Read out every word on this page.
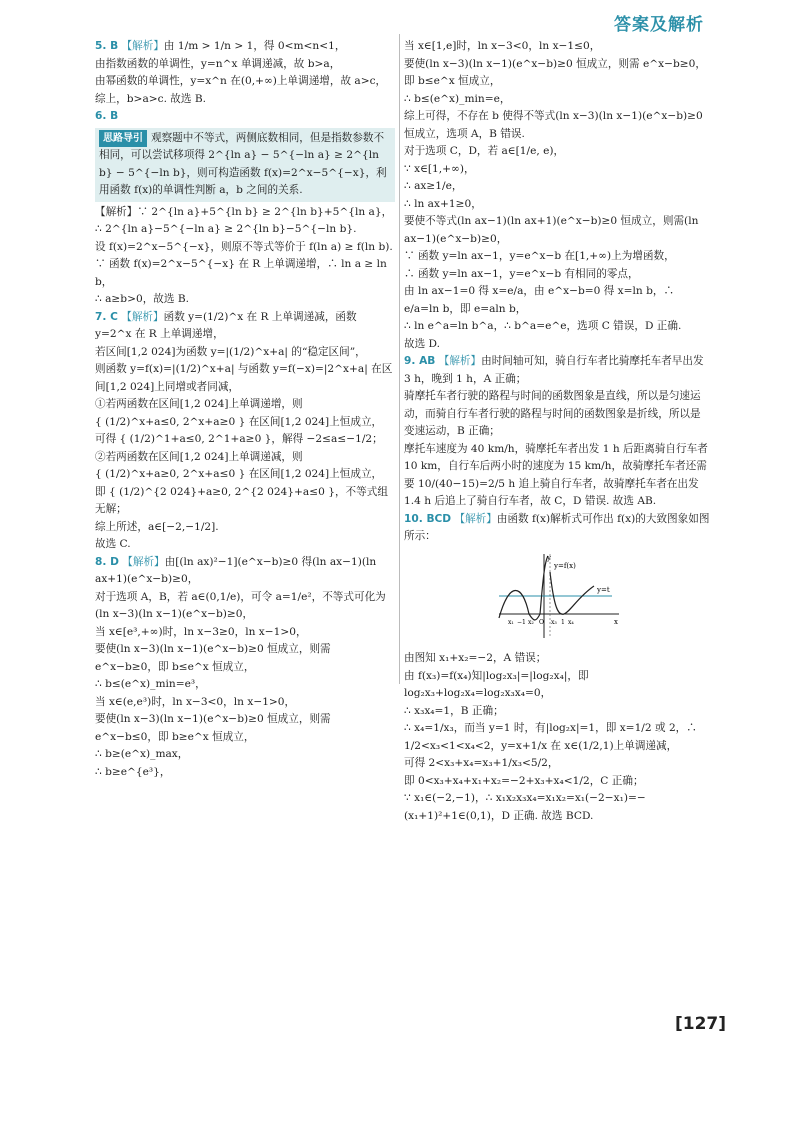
答案及解析

5. B 【解析】由 1/m > 1/n > 1，得 0<m<n<1，

由指数函数的单调性，y=n^x 单调递减，故 b>a，

由幂函数的单调性，y=x^n 在(0,+∞)上单调递增，故 a>c，

综上，b>a>c. 故选 B.

6. B

思路导引 观察题中不等式，两侧底数相同，但是指数参数不相同，可以尝试移项得 2^{ln a} − 5^{−ln a} ≥ 2^{ln b} − 5^{−ln b}，则可构造函数 f(x)=2^x−5^{−x}，利用函数 f(x)的单调性判断 a，b 之间的关系.

【解析】∵ 2^{ln a}+5^{ln b} ≥ 2^{ln b}+5^{ln a}，

∴ 2^{ln a}−5^{−ln a} ≥ 2^{ln b}−5^{−ln b}.

设 f(x)=2^x−5^{−x}，则原不等式等价于 f(ln a) ≥ f(ln b).

∵ 函数 f(x)=2^x−5^{−x} 在 R 上单调递增，∴ ln a ≥ ln b，

∴ a≥b>0，故选 B.

7. C 【解析】函数 y=(1/2)^x 在 R 上单调递减，函数 y=2^x 在 R 上单调递增，

若区间[1,2 024]为函数 y=|(1/2)^x+a| 的“稳定区间”，

则函数 y=f(x)=|(1/2)^x+a| 与函数 y=f(−x)=|2^x+a| 在区间[1,2 024]上同增或者同减，

①若两函数在区间[1,2 024]上单调递增，则

{ (1/2)^x+a≤0, 2^x+a≥0 } 在区间[1,2 024]上恒成立，

可得 { (1/2)^1+a≤0, 2^1+a≥0 }，解得 −2≤a≤−1/2；

②若两函数在区间[1,2 024]上单调递减，则

{ (1/2)^x+a≥0, 2^x+a≤0 } 在区间[1,2 024]上恒成立，

即 { (1/2)^{2 024}+a≥0, 2^{2 024}+a≤0 }，不等式组无解；

综上所述，a∈[−2,−1/2].

故选 C.

8. D 【解析】由[(ln ax)²−1](e^x−b)≥0 得(ln ax−1)(ln ax+1)(e^x−b)≥0，

对于选项 A，B，若 a∈(0,1/e)，可令 a=1/e²，不等式可化为

(ln x−3)(ln x−1)(e^x−b)≥0，

当 x∈[e³,+∞)时，ln x−3≥0，ln x−1>0，

要使(ln x−3)(ln x−1)(e^x−b)≥0 恒成立，则需 e^x−b≥0，即 b≤e^x 恒成立，

∴ b≤(e^x)_min=e³，

当 x∈(e,e³)时，ln x−3<0，ln x−1>0，

要使(ln x−3)(ln x−1)(e^x−b)≥0 恒成立，则需 e^x−b≤0，即 b≥e^x 恒成立，

∴ b≥(e^x)_max，

∴ b≥e^{e³}，

当 x∈[1,e]时，ln x−3<0，ln x−1≤0，

要使(ln x−3)(ln x−1)(e^x−b)≥0 恒成立，则需 e^x−b≥0，即 b≤e^x 恒成立，

∴ b≤(e^x)_min=e，

综上可得，不存在 b 使得不等式(ln x−3)(ln x−1)(e^x−b)≥0 恒成立，选项 A，B 错误.

对于选项 C，D，若 a∈[1/e, e)，

∵ x∈[1,+∞)，

∴ ax≥1/e，

∴ ln ax+1≥0，

要使不等式(ln ax−1)(ln ax+1)(e^x−b)≥0 恒成立，则需(ln ax−1)(e^x−b)≥0，

∵ 函数 y=ln ax−1，y=e^x−b 在[1,+∞)上为增函数，

∴ 函数 y=ln ax−1，y=e^x−b 有相同的零点，

由 ln ax−1=0 得 x=e/a，由 e^x−b=0 得 x=ln b，∴ e/a=ln b，即 e=aln b，

∴ ln e^a=ln b^a，∴ b^a=e^e，选项 C 错误，D 正确.

故选 D.

9. AB 【解析】由时间轴可知，骑自行车者比骑摩托车者早出发 3 h，晚到 1 h，A 正确；

骑摩托车者行驶的路程与时间的函数图象是直线，所以是匀速运动，而骑自行车者行驶的路程与时间的函数图象是折线，所以是变速运动，B 正确；

摩托车速度为 40 km/h，骑摩托车者出发 1 h 后距离骑自行车者 10 km，自行车后两小时的速度为 15 km/h，故骑摩托车者还需要 10/(40−15)=2/5 h 追上骑自行车者，故骑摩托车者在出发 1.4 h 后追上了骑自行车者，故 C，D 错误. 故选 AB.

10. BCD 【解析】由函数 f(x)解析式可作出 f(x)的大致图象如图所示：

y=f(x)
y=t
x
y
x₁ −1 x₂ O x₃ 1 x₄

由图知 x₁+x₂=−2，A 错误；

由 f(x₃)=f(x₄)知|log₂x₃|=|log₂x₄|，即 log₂x₃+log₂x₄=log₂x₃x₄=0，

∴ x₃x₄=1，B 正确；

∴ x₄=1/x₃，而当 y=1 时，有|log₂x|=1，即 x=1/2 或 2，∴ 1/2<x₃<1<x₄<2，y=x+1/x 在 x∈(1/2,1)上单调递减，

可得 2<x₃+x₄=x₃+1/x₃<5/2，

即 0<x₃+x₄+x₁+x₂=−2+x₃+x₄<1/2，C 正确；

∵ x₁∈(−2,−1)，∴ x₁x₂x₃x₄=x₁x₂=x₁(−2−x₁)=−(x₁+1)²+1∈(0,1)，D 正确. 故选 BCD.

[127]
